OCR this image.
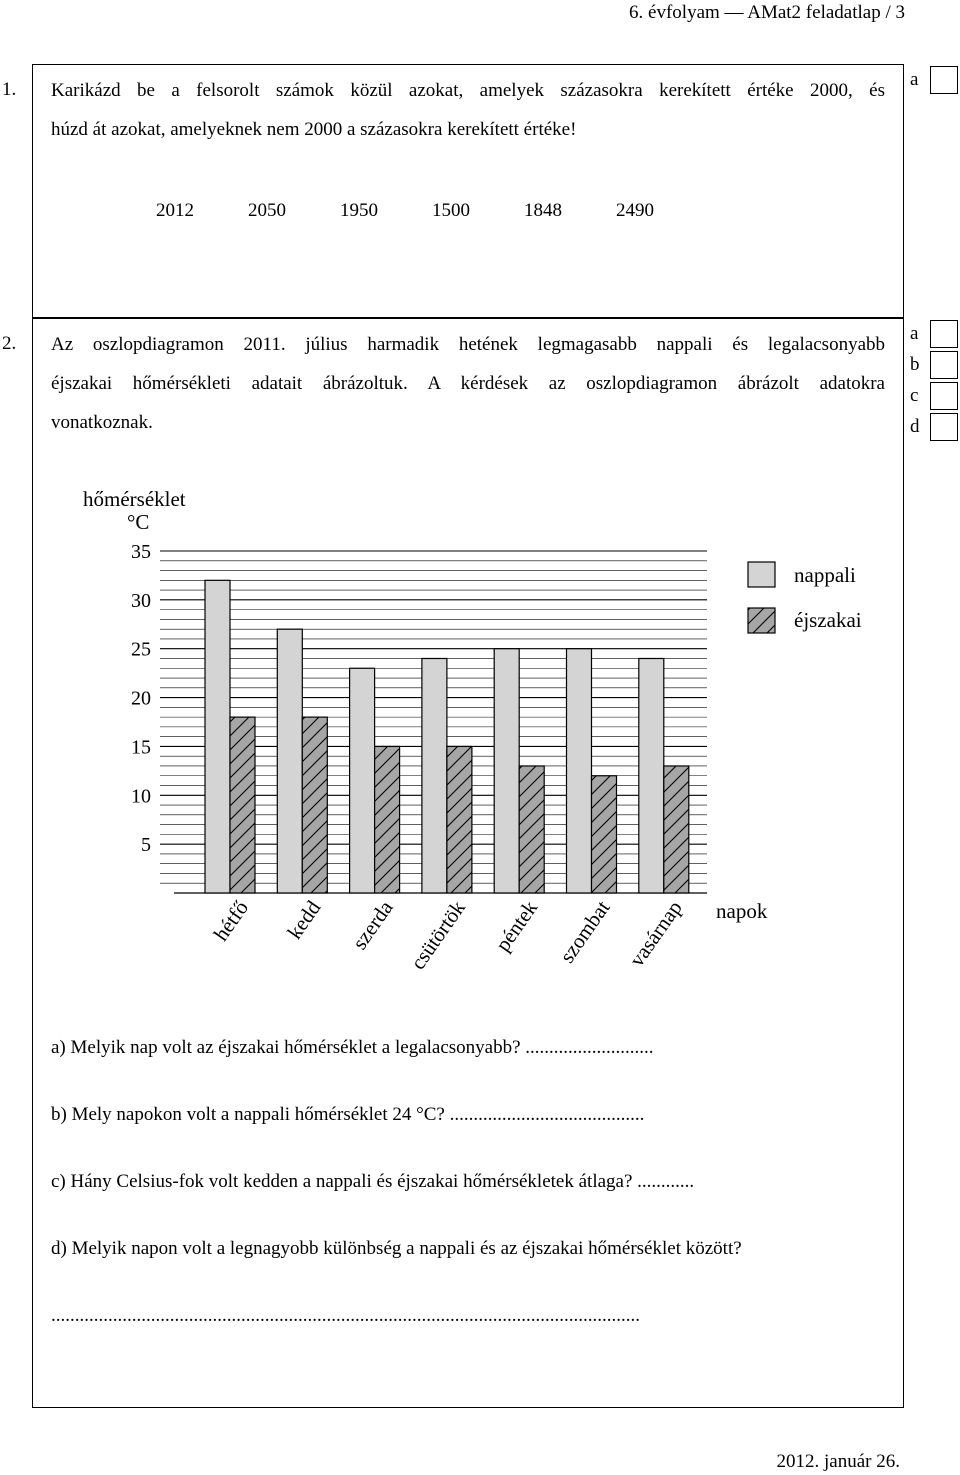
6. évfolyam — AMat2 feladatlap / 3
1. Karikázd be a felsorolt számok közül azokat, amelyek százasokra kerekített értéke 2000, és
húzd át azokat, amelyeknek nem 2000 a százasokra kerekített értéke!
2012	2050	1950	1500	1848	2490
a
2. Az oszlopdiagramon 2011. július harmadik hetének legmagasabb nappali és legalacsonyabb
éjszakai hőmérsékleti adatait ábrázoltuk. A kérdések az oszlopdiagramon ábrázolt adatokra
vonatkoznak.
a
b
c
d
5
10
15
20
25
30
35
hétfő kedd szerda csütörtök péntek szombat vasárnap
hőmérséklet
°C
napok
nappali
éjszakai
a) Melyik nap volt az éjszakai hőmérséklet a legalacsonyabb? ...........................
b) Mely napokon volt a nappali hőmérséklet 24 °C? .........................................
c) Hány Celsius-fok volt kedden a nappali és éjszakai hőmérsékletek átlaga? ............
d) Melyik napon volt a legnagyobb különbség a nappali és az éjszakai hőmérséklet között?
............................................................................................................................
2012. január 26.
